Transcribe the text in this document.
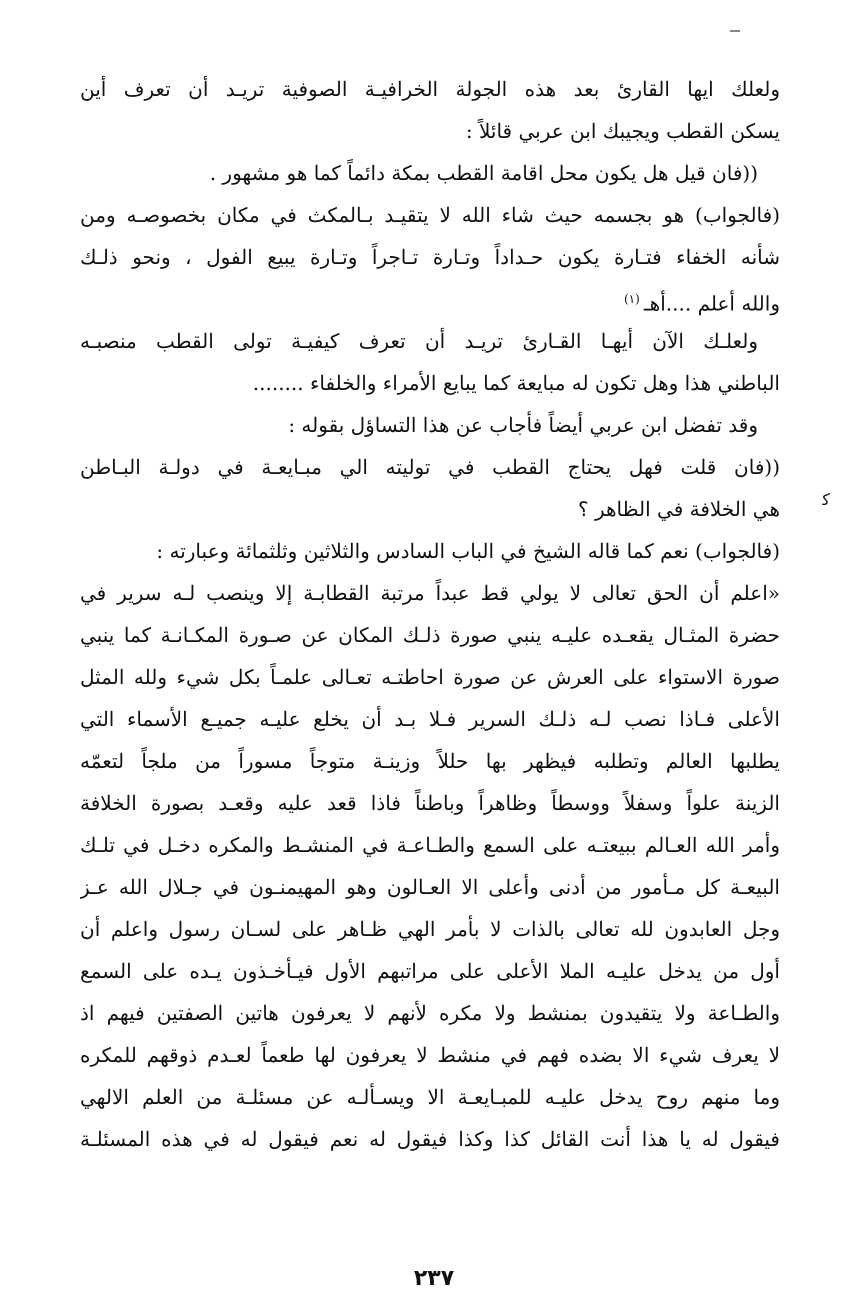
ولعلك ايها القارئ بعد هذه الجولة الخرافيـة الصوفية تريـد أن تعرف أين
يسكن القطب ويجيبك ابن عربي قائلاً :
((فان قيل هل يكون محل اقامة القطب بمكة دائماً كما هو مشهور .
(فالجواب) هو بجسمه حيث شاء الله لا يتقيـد بـالمكث في مكان بخصوصـه ومن
شأنه الخفاء فتـارة يكون حـداداً وتـارة تـاجراً وتـارة يبيع الفول ، ونحو ذلـك
والله أعلم ....أهـ$^{(١)}$
ولعلـك الآن أيهـا القـارئ تريـد أن تعرف كيفيـة تولى القطب منصبـه
الباطني هذا وهل تكون له مبايعة كما يبايع الأمراء والخلفاء ........
وقد تفضل ابن عربي أيضاً فأجاب عن هذا التساؤل بقوله :
((فان قلت فهل يحتاج القطب في توليته الي مبـايعـة في دولـة البـاطن
هي الخلافة في الظاهر ؟
(فالجواب) نعم كما قاله الشيخ في الباب السادس والثلاثين وثلثمائة وعبارته :
«اعلم أن الحق تعالى لا يولي قط عبداً مرتبة القطابـة إلا وينصب لـه سرير في
حضرة المثـال يقعـده عليـه ينبي صورة ذلـك المكان عن صـورة المكـانـة كما ينبي
صورة الاستواء على العرش عن صورة احاطتـه تعـالى علمـاً بكل شيء ولله المثل
الأعلى فـاذا نصب لـه ذلـك السرير فـلا بـد أن يخلع عليـه جميـع الأسماء التي
يطلبها العالم وتطلبه فيظهر بها حللاً وزينـة متوجاً مسوراً من ملجاً لتعمّه
الزينة علواً وسفلاً ووسطاً وظاهراً وباطناً فاذا قعد عليه وقعـد بصورة الخلافة
وأمر الله العـالم ببيعتـه على السمع والطـاعـة في المنشـط والمكره دخـل في تلـك
البيعـة كل مـأمور من أدنى وأعلى الا العـالون وهو المهيمنـون في جـلال الله عـز
وجل العابدون لله تعالى بالذات لا بأمر الهي ظـاهر على لسـان رسول واعلم أن
أول من يدخل عليـه الملا الأعلى على مراتبهم الأول فيـأخـذون يـده على السمع
والطـاعة ولا يتقيدون بمنشط ولا مكره لأنهم لا يعرفون هاتين الصفتين فيهم اذ
لا يعرف شيء الا بضده فهم في منشط لا يعرفون لها طعماً لعـدم ذوقهم للمكره
وما منهم روح يدخل عليـه للمبـايعـة الا ويسـألـه عن مسئلـة من العلم الالهي
فيقول له يا هذا أنت القائل كذا وكذا فيقول له نعم فيقول له في هذه المسئلـة
ﮐ
٢٣٧
